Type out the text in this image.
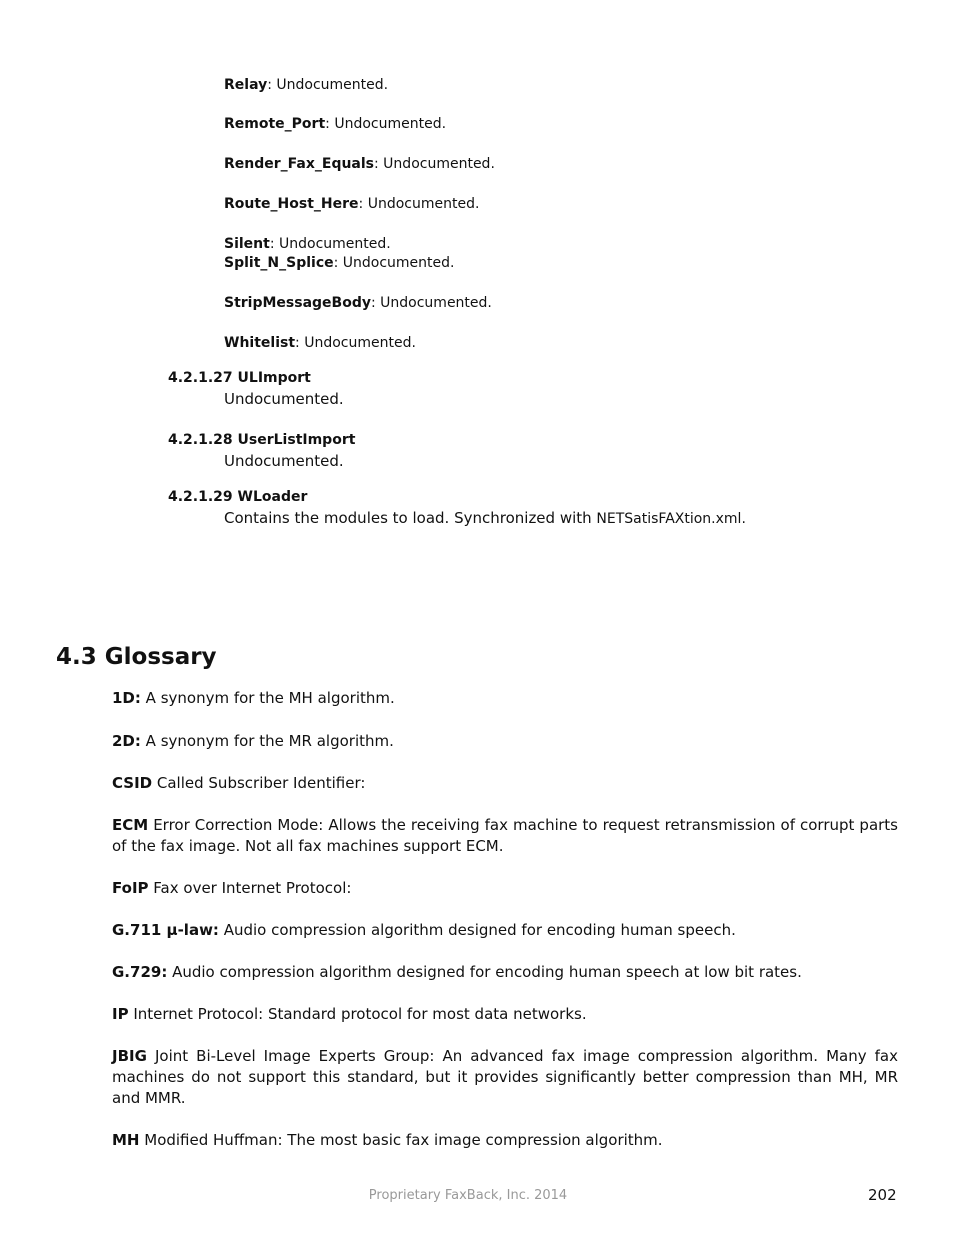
Relay: Undocumented.
Remote_Port: Undocumented.
Render_Fax_Equals: Undocumented.
Route_Host_Here: Undocumented.
Silent: Undocumented.
Split_N_Splice: Undocumented.
StripMessageBody: Undocumented.
Whitelist: Undocumented.
4.2.1.27 ULImport
Undocumented.
4.2.1.28 UserListImport
Undocumented.
4.2.1.29 WLoader
Contains the modules to load. Synchronized with NETSatisFAXtion.xml.
4.3 Glossary
1D: A synonym for the MH algorithm.
2D: A synonym for the MR algorithm.
CSID Called Subscriber Identifier:
ECM Error Correction Mode: Allows the receiving fax machine to request retransmission of corrupt parts of the fax image. Not all fax machines support ECM.
FoIP Fax over Internet Protocol:
G.711 μ-law: Audio compression algorithm designed for encoding human speech.
G.729: Audio compression algorithm designed for encoding human speech at low bit rates.
IP Internet Protocol: Standard protocol for most data networks.
JBIG Joint Bi-Level Image Experts Group: An advanced fax image compression algorithm. Many fax machines do not support this standard, but it provides significantly better compression than MH, MR and MMR.
MH Modified Huffman: The most basic fax image compression algorithm.
Proprietary FaxBack, Inc. 2014	202
